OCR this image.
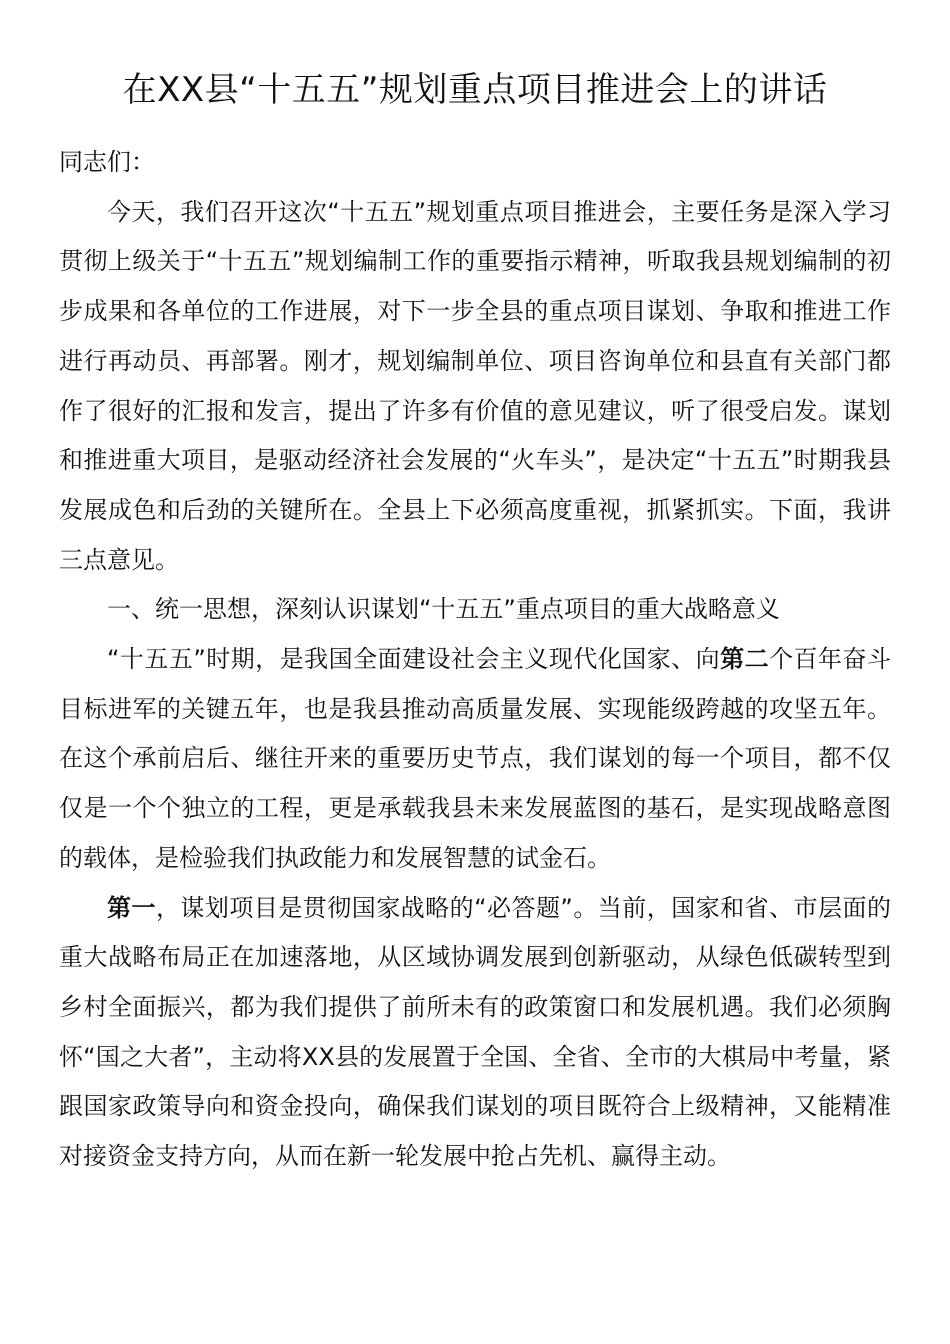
在XX县“十五五”规划重点项目推进会上的讲话

同志们：

今天，我们召开这次“十五五”规划重点项目推进会，主要任务是深入学习贯彻上级关于“十五五”规划编制工作的重要指示精神，听取我县规划编制的初步成果和各单位的工作进展，对下一步全县的重点项目谋划、争取和推进工作进行再动员、再部署。刚才，规划编制单位、项目咨询单位和县直有关部门都作了很好的汇报和发言，提出了许多有价值的意见建议，听了很受启发。谋划和推进重大项目，是驱动经济社会发展的“火车头”，是决定“十五五”时期我县发展成色和后劲的关键所在。全县上下必须高度重视，抓紧抓实。下面，我讲三点意见。

一、统一思想，深刻认识谋划“十五五”重点项目的重大战略意义

“十五五”时期，是我国全面建设社会主义现代化国家、向第二个百年奋斗目标进军的关键五年，也是我县推动高质量发展、实现能级跨越的攻坚五年。在这个承前启后、继往开来的重要历史节点，我们谋划的每一个项目，都不仅仅是一个个独立的工程，更是承载我县未来发展蓝图的基石，是实现战略意图的载体，是检验我们执政能力和发展智慧的试金石。

第一，谋划项目是贯彻国家战略的“必答题”。当前，国家和省、市层面的重大战略布局正在加速落地，从区域协调发展到创新驱动，从绿色低碳转型到乡村全面振兴，都为我们提供了前所未有的政策窗口和发展机遇。我们必须胸怀“国之大者”，主动将XX县的发展置于全国、全省、全市的大棋局中考量，紧跟国家政策导向和资金投向，确保我们谋划的项目既符合上级精神，又能精准对接资金支持方向，从而在新一轮发展中抢占先机、赢得主动。
